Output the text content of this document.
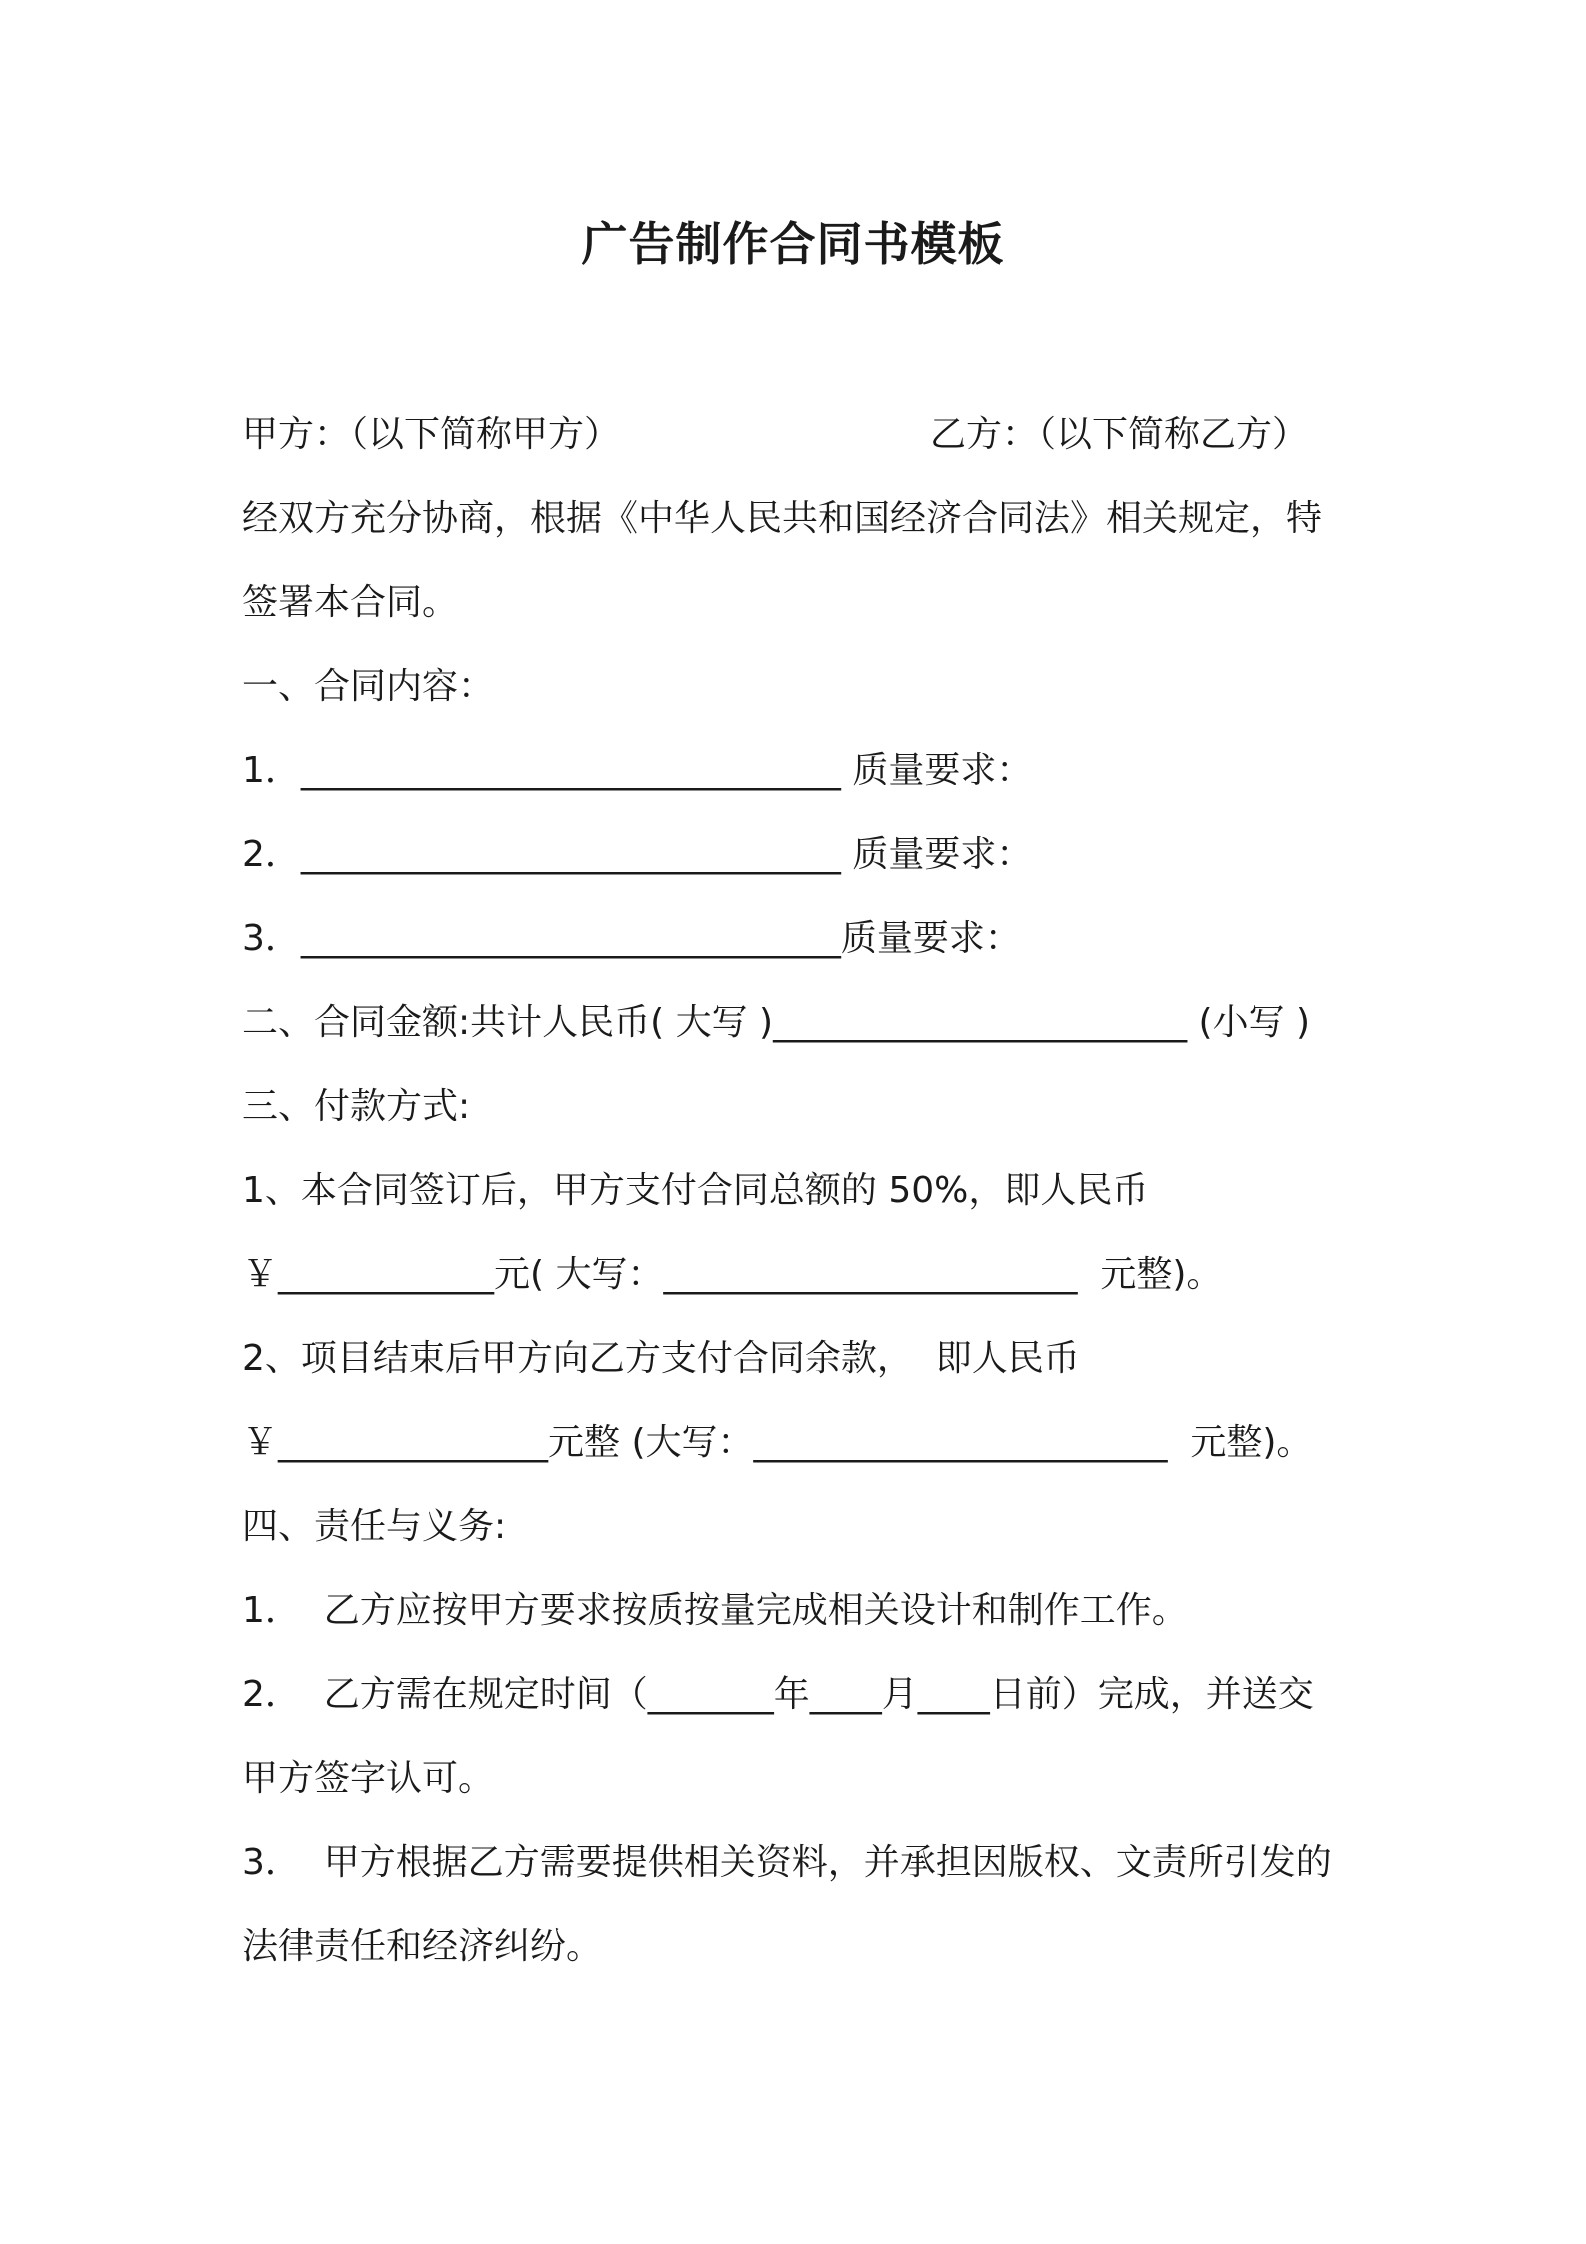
广告制作合同书模板
甲方：（以下简称甲方）	乙方：（以下简称乙方）
经双方充分协商，根据《中华人民共和国经济合同法》相关规定，特
签署本合同。
一、合同内容：
1．______________________________ 质量要求：
2．______________________________ 质量要求：
3．______________________________质量要求：
二、合同金额:共计人民币( 大写 )_______________________ (小写 )
三、付款方式:
1、本合同签订后，甲方支付合同总额的 50%，即人民币
￥____________元( 大写：_______________________  元整)。
2、项目结束后甲方向乙方支付合同余款，  即人民币
￥_______________元整 (大写：_______________________  元整)。
四、责任与义务:
1．  乙方应按甲方要求按质按量完成相关设计和制作工作。
2．  乙方需在规定时间（_______年____月____日前）完成，并送交
甲方签字认可。
3．  甲方根据乙方需要提供相关资料，并承担因版权、文责所引发的
法律责任和经济纠纷。
